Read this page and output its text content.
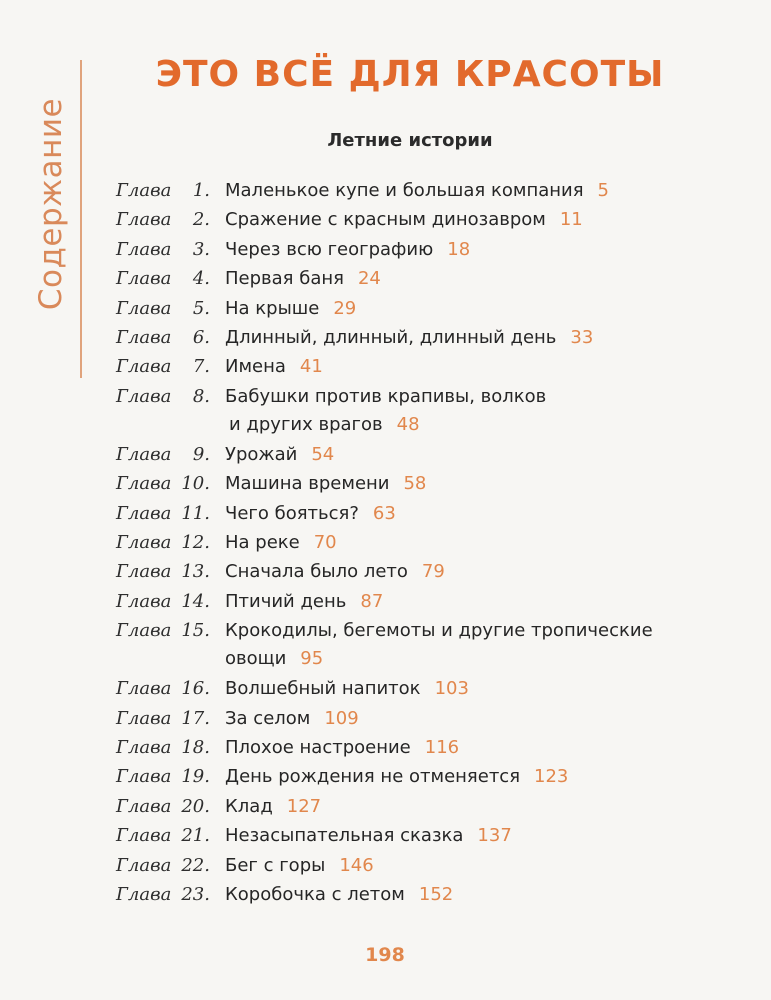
Содержание
ЭТО ВСЁ ДЛЯ КРАСОТЫ
Летние истории
Глава	1. Маленькое купе и большая компания 5
Глава	2. Сражение с красным динозавром 11
Глава	3. Через всю географию 18
Глава	4. Первая баня 24
Глава	5. На крыше 29
Глава	6. Длинный, длинный, длинный день 33
Глава	7. Имена 41
Глава	8. Бабушки против крапивы, волков
и других врагов 48
Глава	9. Урожай 54
Глава 10. Машина времени 58
Глава 11. Чего бояться? 63
Глава 12. На реке 70
Глава 13. Сначала было лето 79
Глава 14. Птичий день 87
Глава 15. Крокодилы, бегемоты и другие тропические
овощи 95
Глава 16. Волшебный напиток 103
Глава 17. За селом 109
Глава 18. Плохое настроение 116
Глава 19. День рождения не отменяется 123
Глава 20. Клад 127
Глава 21. Незасыпательная сказка 137
Глава 22. Бег с горы 146
Глава 23. Коробочка с летом 152
198
